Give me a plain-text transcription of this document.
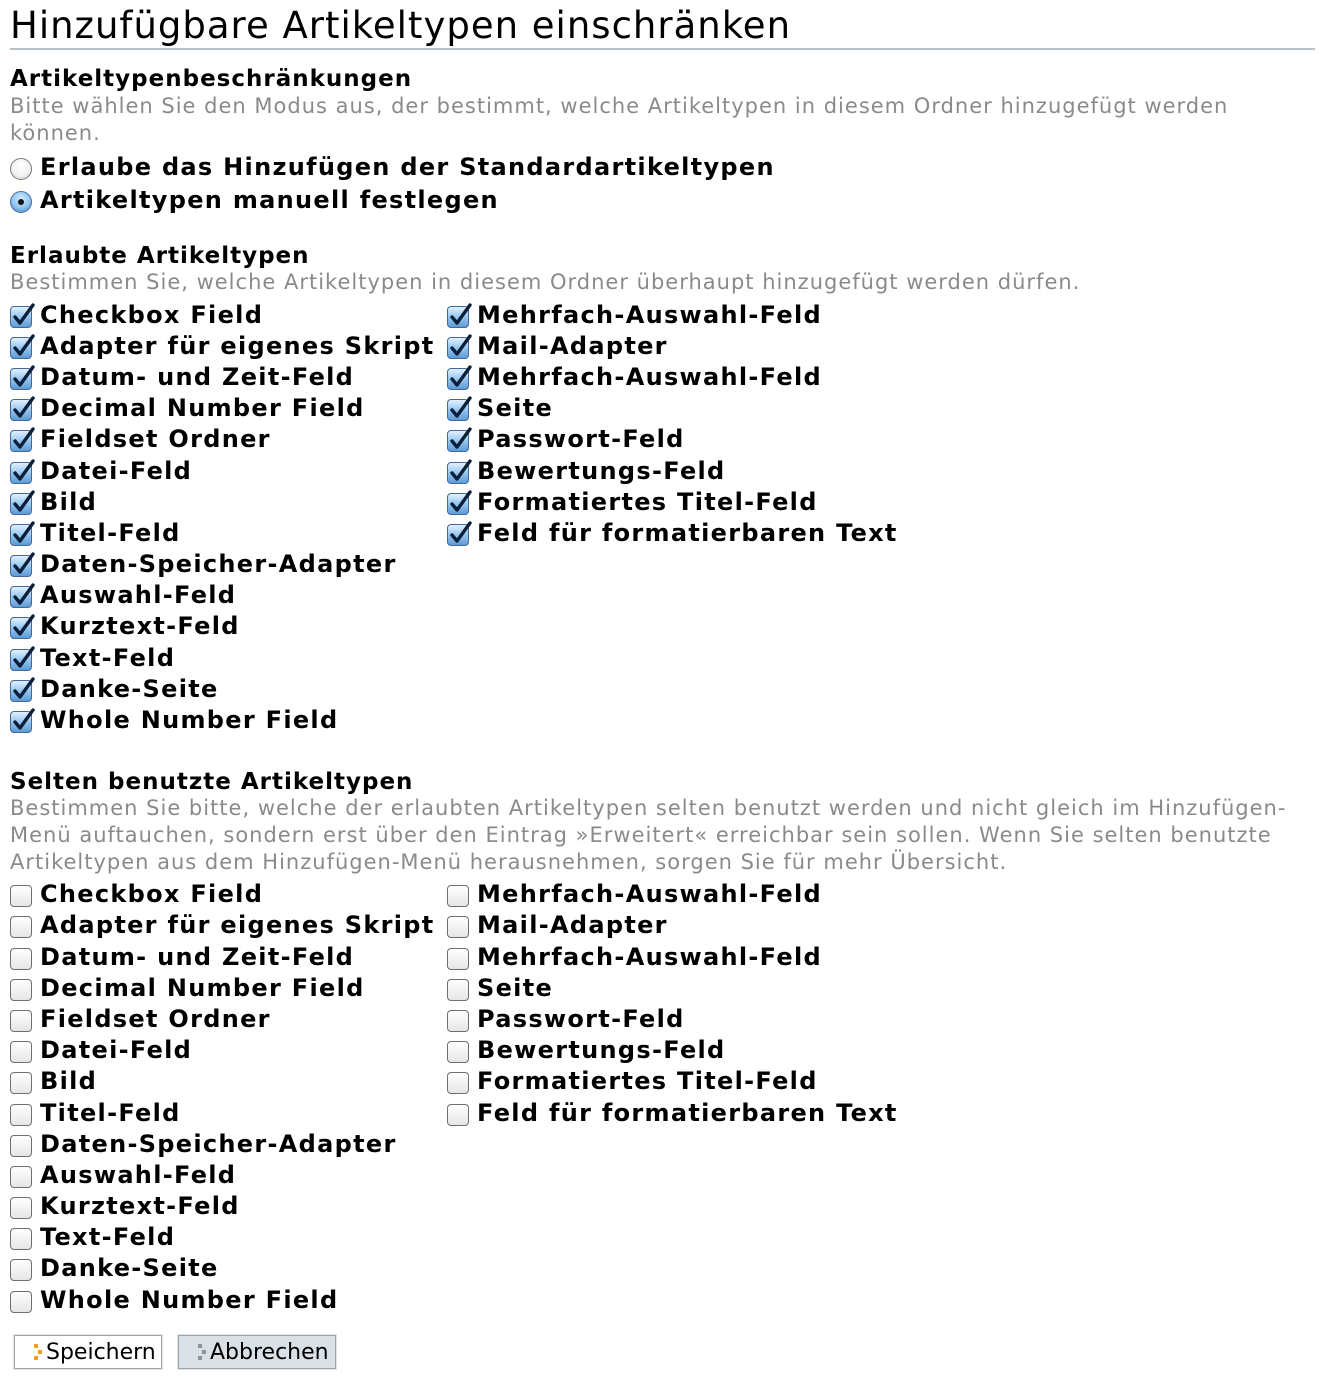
Hinzufügbare Artikeltypen einschränken
Artikeltypenbeschränkungen
Bitte wählen Sie den Modus aus, der bestimmt, welche Artikeltypen in diesem Ordner hinzugefügt werden können.
Erlaube das Hinzufügen der Standardartikeltypen
Artikeltypen manuell festlegen
Erlaubte Artikeltypen
Bestimmen Sie, welche Artikeltypen in diesem Ordner überhaupt hinzugefügt werden dürfen.
Checkbox Field
Adapter für eigenes Skript
Datum- und Zeit-Feld
Decimal Number Field
Fieldset Ordner
Datei-Feld
Bild
Titel-Feld
Daten-Speicher-Adapter
Auswahl-Feld
Kurztext-Feld
Text-Feld
Danke-Seite
Whole Number Field
Mehrfach-Auswahl-Feld
Mail-Adapter
Mehrfach-Auswahl-Feld
Seite
Passwort-Feld
Bewertungs-Feld
Formatiertes Titel-Feld
Feld für formatierbaren Text
Selten benutzte Artikeltypen
Bestimmen Sie bitte, welche der erlaubten Artikeltypen selten benutzt werden und nicht gleich im Hinzufügen-
Menü auftauchen, sondern erst über den Eintrag »Erweitert« erreichbar sein sollen. Wenn Sie selten benutzte
Artikeltypen aus dem Hinzufügen-Menü herausnehmen, sorgen Sie für mehr Übersicht.
Checkbox Field
Adapter für eigenes Skript
Datum- und Zeit-Feld
Decimal Number Field
Fieldset Ordner
Datei-Feld
Bild
Titel-Feld
Daten-Speicher-Adapter
Auswahl-Feld
Kurztext-Feld
Text-Feld
Danke-Seite
Whole Number Field
Mehrfach-Auswahl-Feld
Mail-Adapter
Mehrfach-Auswahl-Feld
Seite
Passwort-Feld
Bewertungs-Feld
Formatiertes Titel-Feld
Feld für formatierbaren Text
Speichern Abbrechen
